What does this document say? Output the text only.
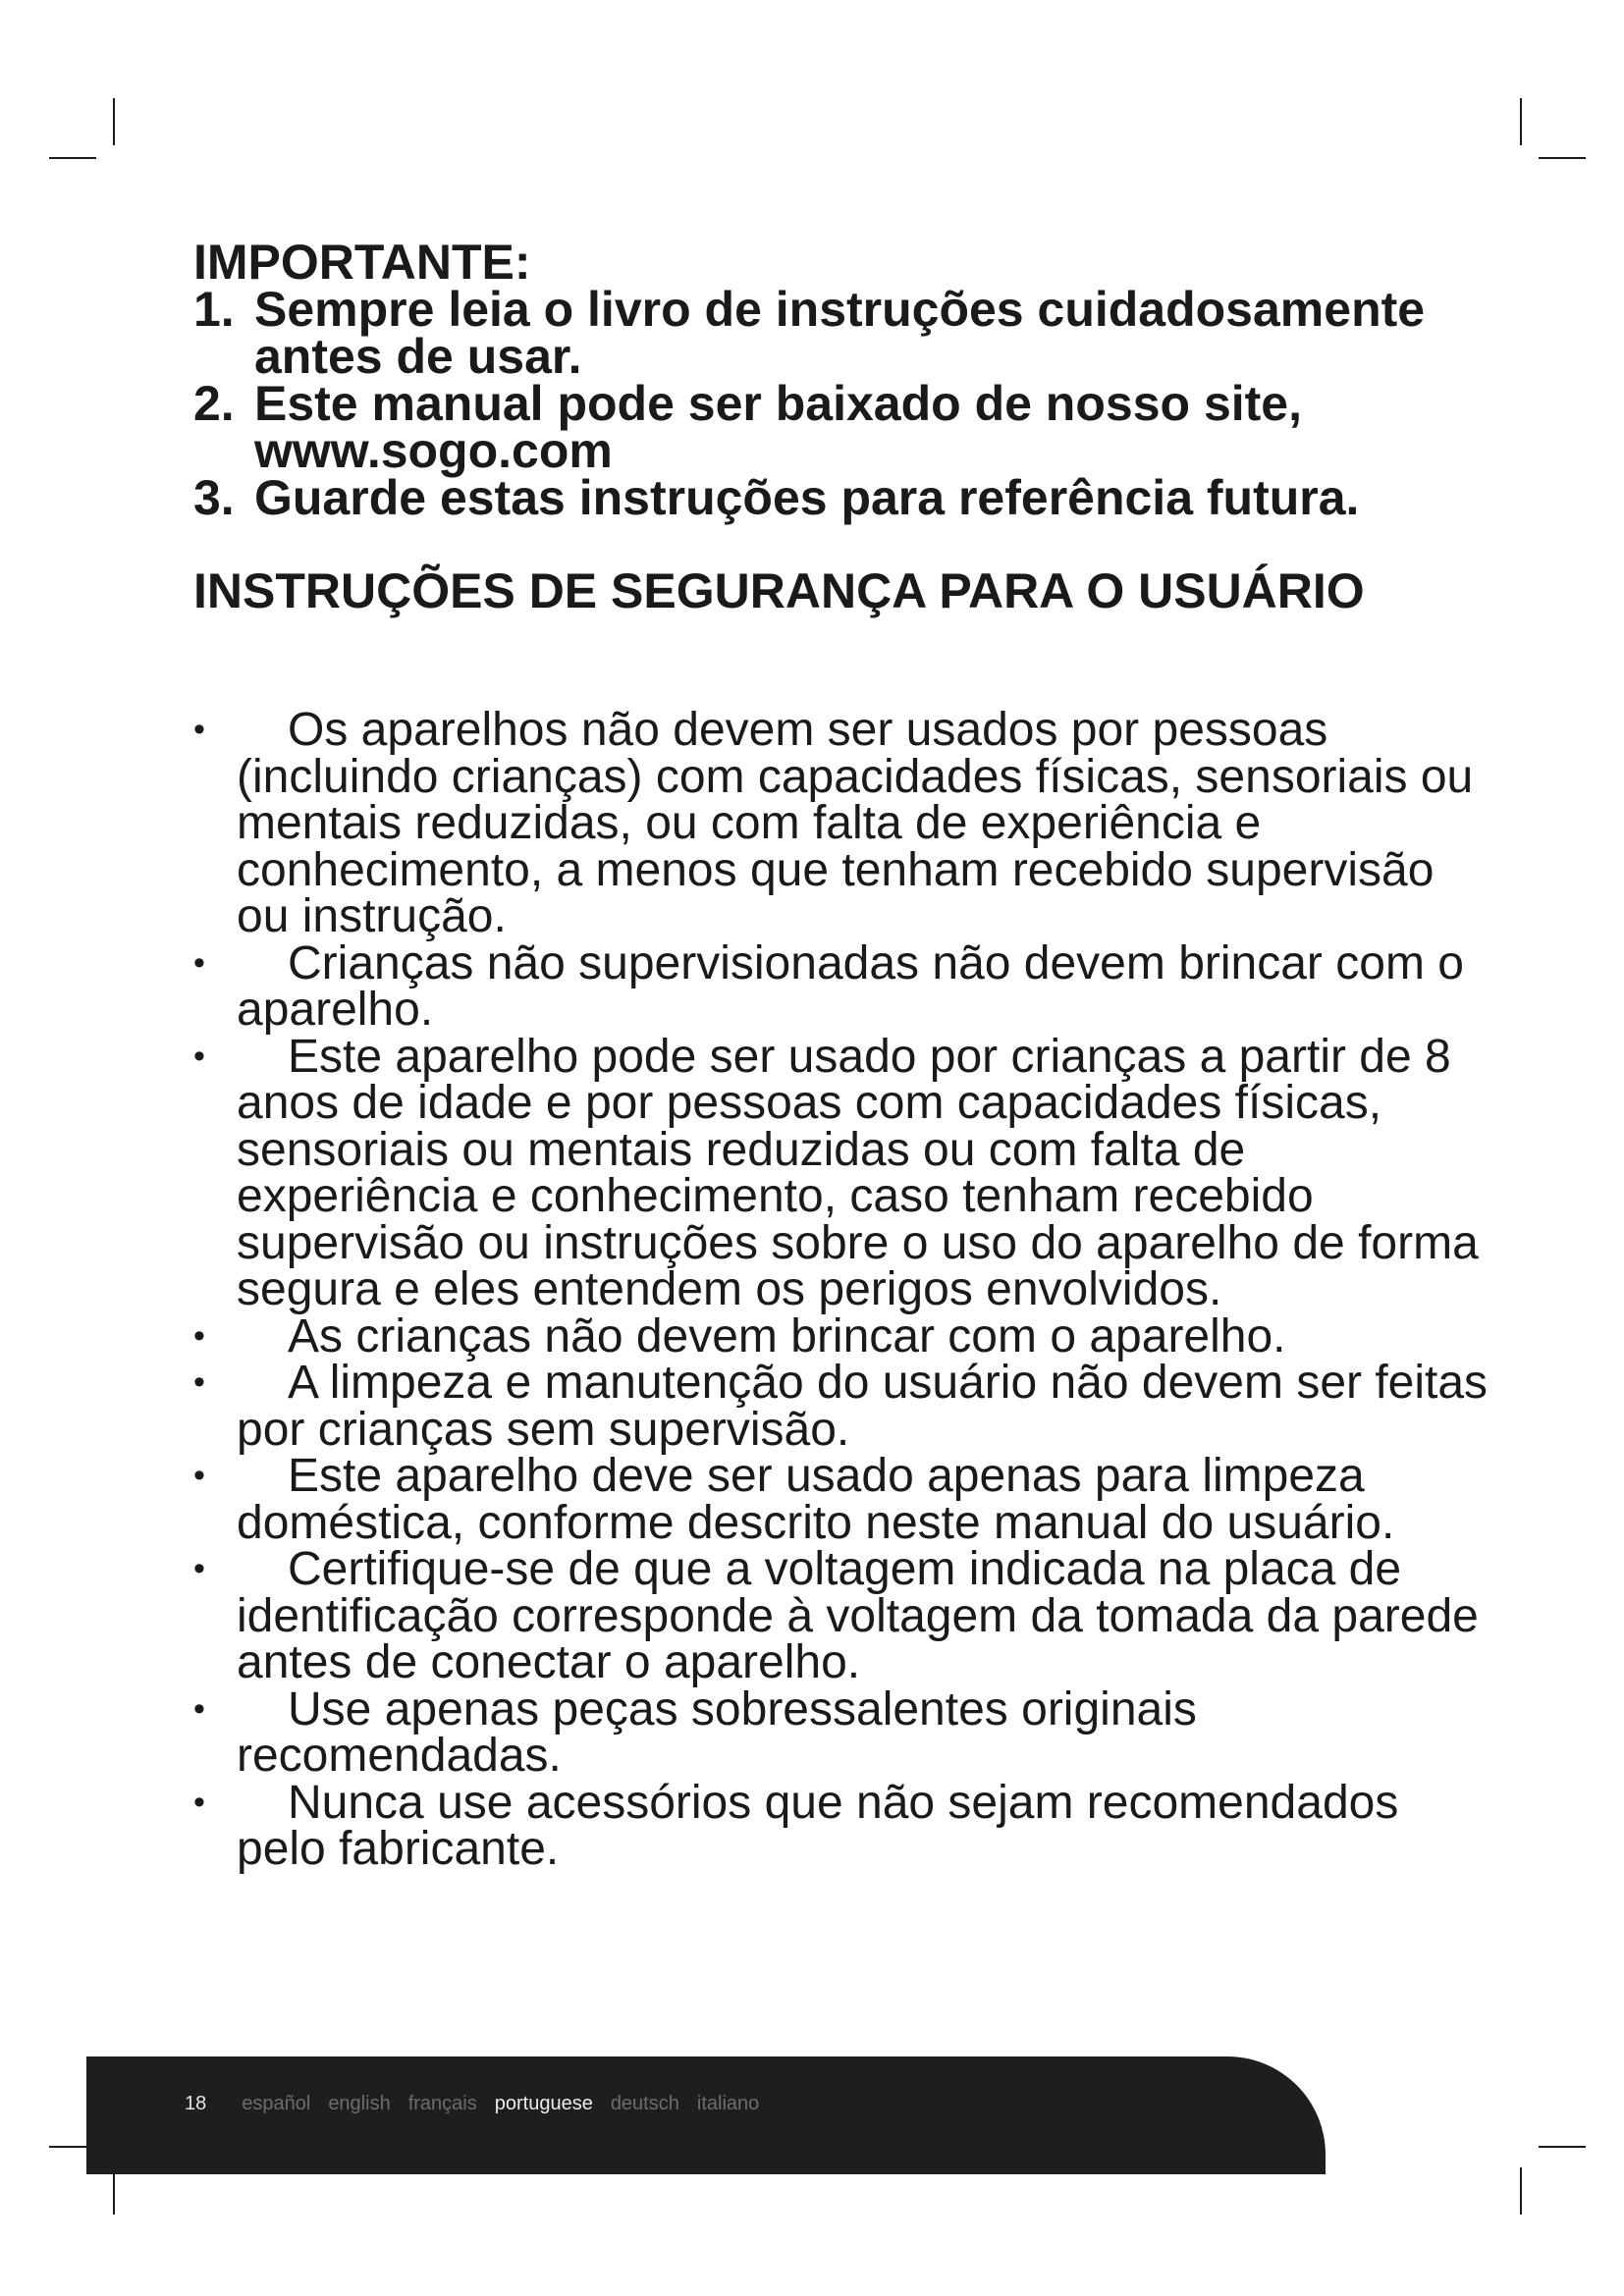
IMPORTANTE:
1. Sempre leia o livro de instruções cuidadosamente antes de usar.
2. Este manual pode ser baixado de nosso site, www.sogo.com
3. Guarde estas instruções para referência futura.
INSTRUÇÕES DE SEGURANÇA PARA O USUÁRIO
•	Os aparelhos não devem ser usados por pessoas (incluindo crianças) com capacidades físicas, sensoriais ou mentais reduzidas, ou com falta de experiência e conhecimento, a menos que tenham recebido supervisão ou instrução.
•	Crianças não supervisionadas não devem brincar com o aparelho.
•	Este aparelho pode ser usado por crianças a partir de 8 anos de idade e por pessoas com capacidades físicas, sensoriais ou mentais reduzidas ou com falta de experiência e conhecimento, caso tenham recebido supervisão ou instruções sobre o uso do aparelho de forma segura e eles entendem os perigos envolvidos.
•	As crianças não devem brincar com o aparelho.
•	A limpeza e manutenção do usuário não devem ser feitas por crianças sem supervisão.
•	Este aparelho deve ser usado apenas para limpeza doméstica, conforme descrito neste manual do usuário.
•	Certifique-se de que a voltagem indicada na placa de identificação corresponde à voltagem da tomada da parede antes de conectar o aparelho.
•	Use apenas peças sobressalentes originais recomendadas.
•	Nunca use acessórios que não sejam recomendados pelo fabricante.
18 español english français portuguese deutsch italiano
